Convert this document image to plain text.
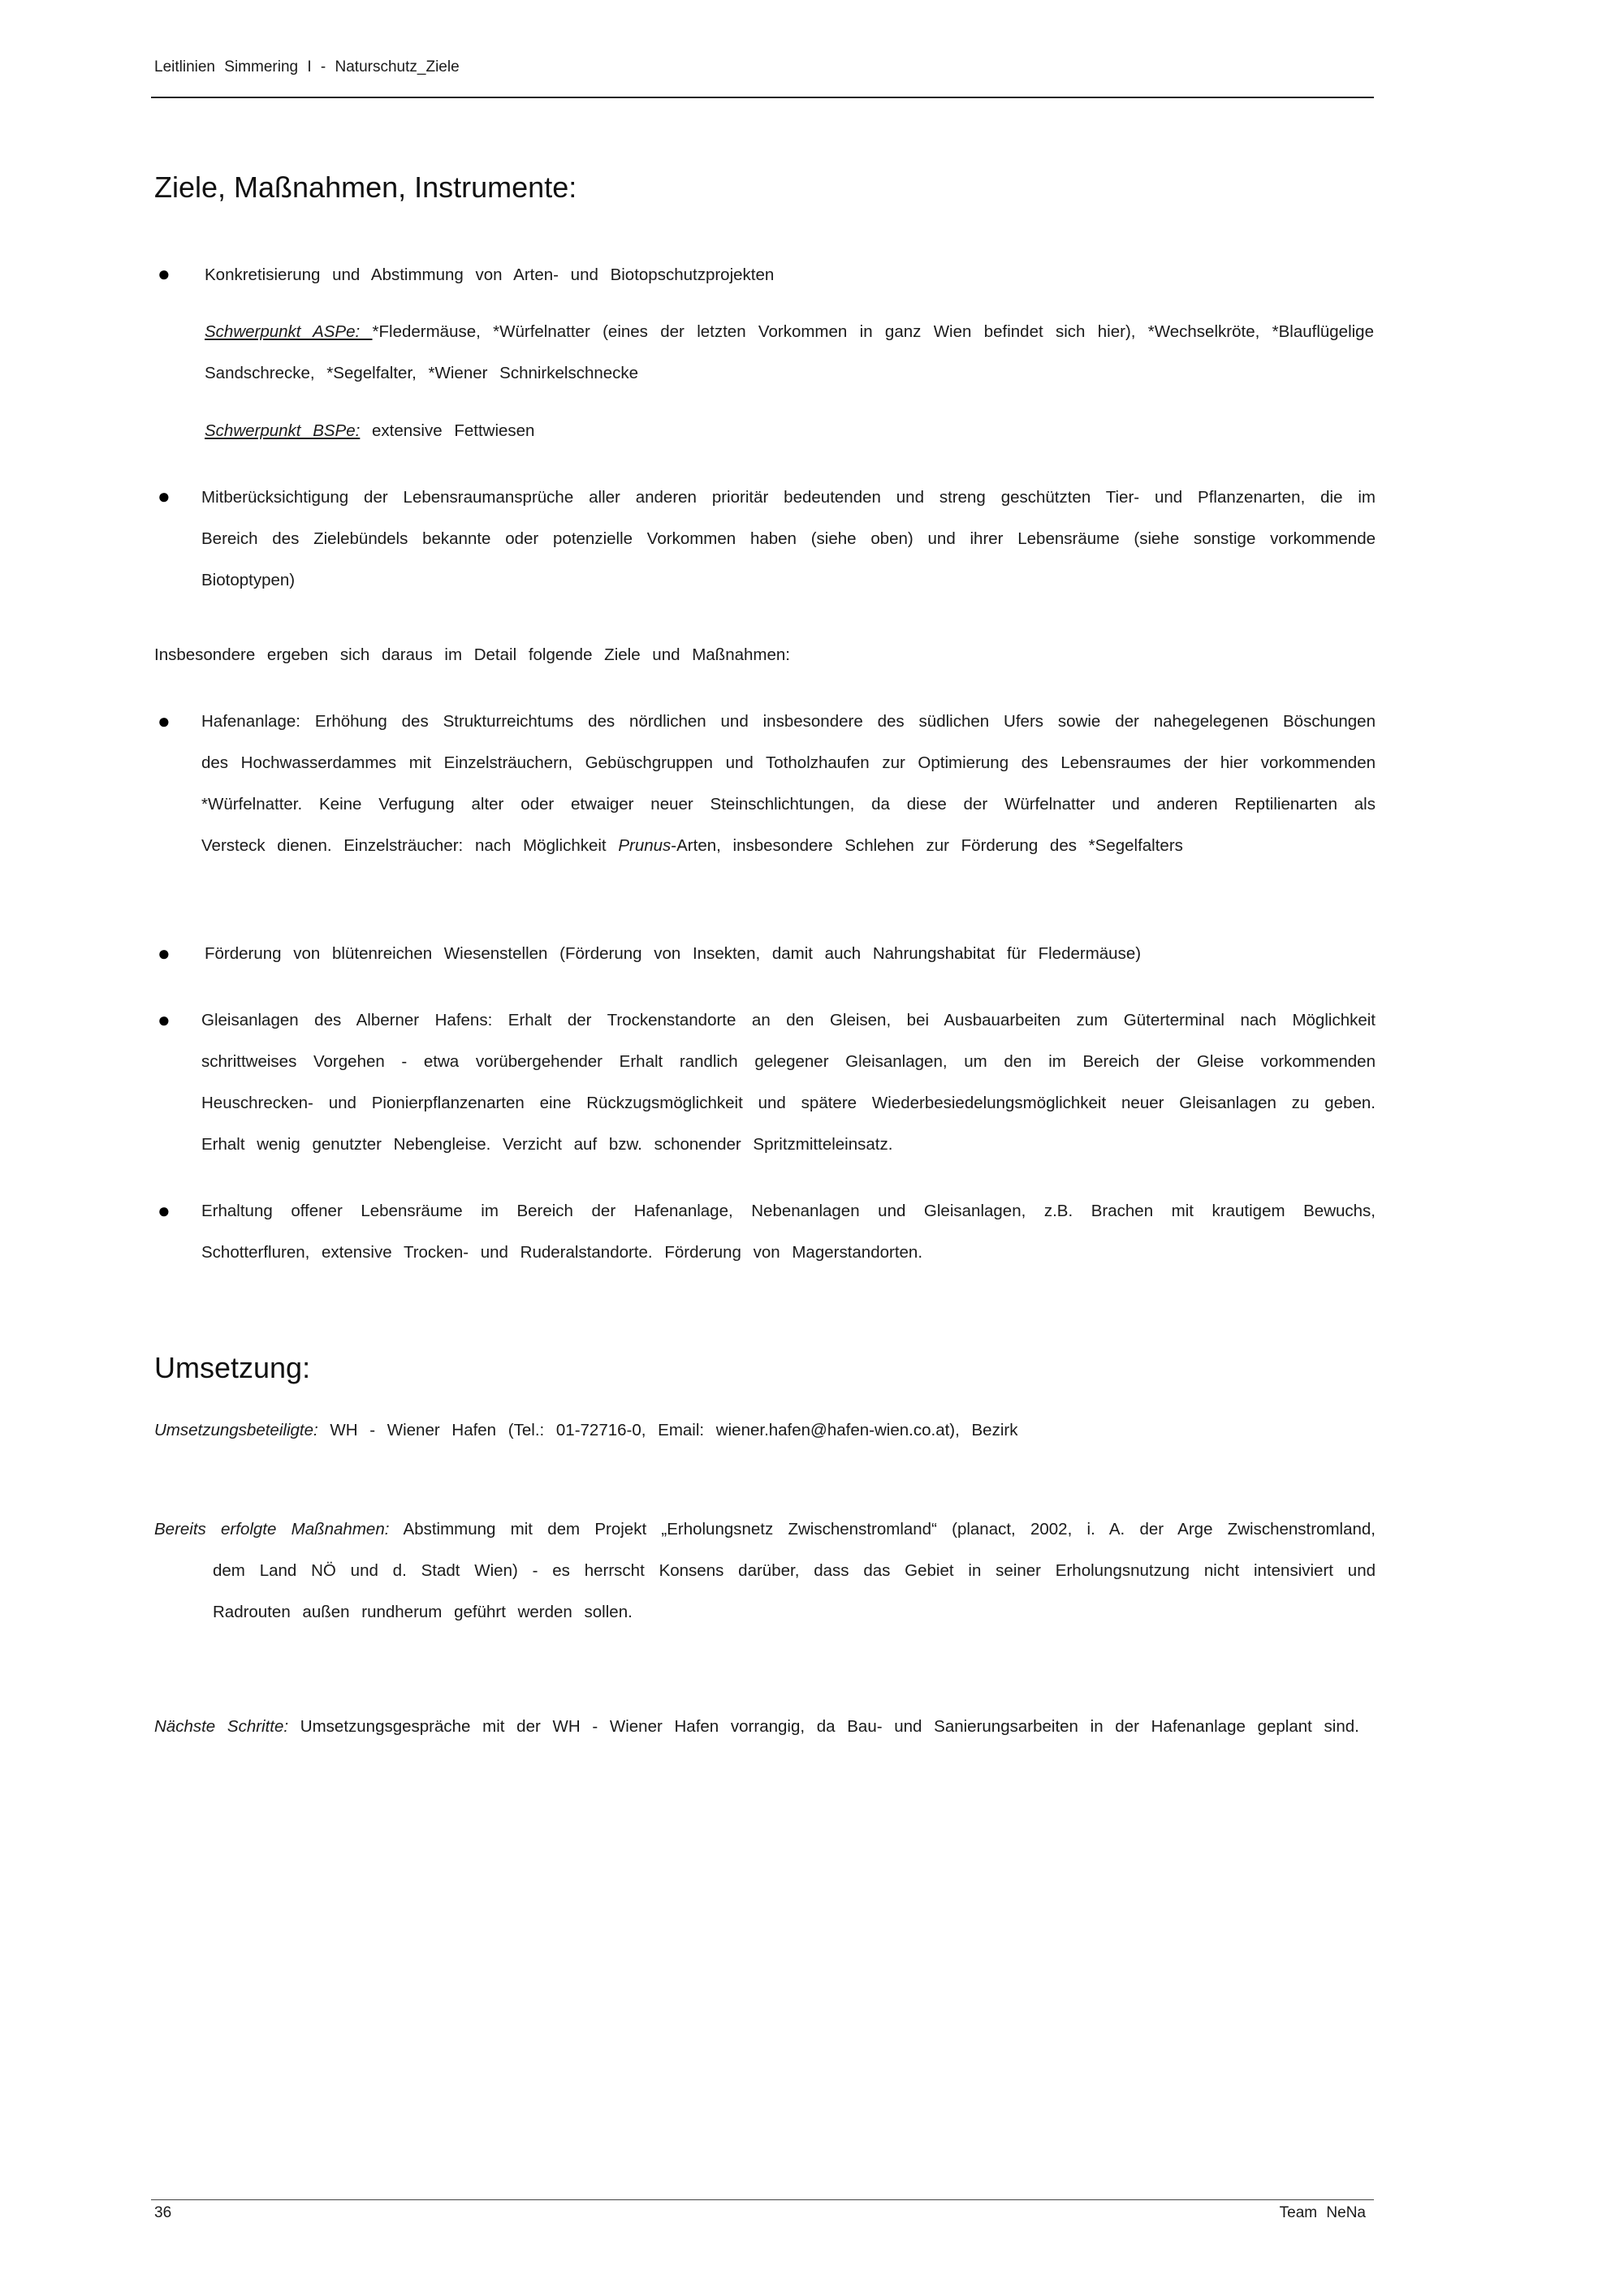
Leitlinien Simmering I - Naturschutz_Ziele
Ziele, Maßnahmen, Instrumente:
● Konkretisierung und Abstimmung von Arten- und Biotopschutzprojekten

Schwerpunkt ASPe: *Fledermäuse, *Würfelnatter (eines der letzten Vorkommen in ganz Wien befindet sich hier), *Wechselkröte, *Blauflügelige Sandschrecke, *Segelfalter, *Wiener Schnirkelschnecke

Schwerpunkt BSPe: extensive Fettwiesen

● Mitberücksichtigung der Lebensraumansprüche aller anderen prioritär bedeutenden und streng geschützten Tier- und Pflanzenarten, die im Bereich des Zielebündels bekannte oder potenzielle Vorkommen haben (siehe oben) und ihrer Lebensräume (siehe sonstige vorkommende Biotoptypen)

Insbesondere ergeben sich daraus im Detail folgende Ziele und Maßnahmen:

● Hafenanlage: Erhöhung des Strukturreichtums des nördlichen und insbesondere des südlichen Ufers sowie der nahegelegenen Böschungen des Hochwasserdammes mit Einzelsträuchern, Gebüschgruppen und Totholzhaufen zur Optimierung des Lebensraumes der hier vorkommenden *Würfelnatter. Keine Verfugung alter oder etwaiger neuer Steinschlichtungen, da diese der Würfelnatter und anderen Reptilienarten als Versteck dienen. Einzelsträucher: nach Möglichkeit Prunus-Arten, insbesondere Schlehen zur Förderung des *Segelfalters

● Förderung von blütenreichen Wiesenstellen (Förderung von Insekten, damit auch Nahrungshabitat für Fledermäuse)

● Gleisanlagen des Alberner Hafens: Erhalt der Trockenstandorte an den Gleisen, bei Ausbauarbeiten zum Güterterminal nach Möglichkeit schrittweises Vorgehen - etwa vorübergehender Erhalt randlich gelegener Gleisanlagen, um den im Bereich der Gleise vorkommenden Heuschrecken- und Pionierpflanzenarten eine Rückzugsmöglichkeit und spätere Wiederbesiedelungsmöglichkeit neuer Gleisanlagen zu geben. Erhalt wenig genutzter Nebengleise. Verzicht auf bzw. schonender Spritzmitteleinsatz.

● Erhaltung offener Lebensräume im Bereich der Hafenanlage, Nebenanlagen und Gleisanlagen, z.B. Brachen mit krautigem Bewuchs, Schotterfluren, extensive Trocken- und Ruderalstandorte. Förderung von Magerstandorten.

Umsetzung:

Umsetzungsbeteiligte: WH - Wiener Hafen (Tel.: 01-72716-0, Email: wiener.hafen@hafen-wien.co.at), Bezirk

Bereits erfolgte Maßnahmen: Abstimmung mit dem Projekt „Erholungsnetz Zwischenstromland“ (planact, 2002, i. A. der Arge Zwischenstromland, dem Land NÖ und d. Stadt Wien) - es herrscht Konsens darüber, dass das Gebiet in seiner Erholungsnutzung nicht intensiviert und Radrouten außen rundherum geführt werden sollen.

Nächste Schritte: Umsetzungsgespräche mit der WH - Wiener Hafen vorrangig, da Bau- und Sanierungsarbeiten in der Hafenanlage geplant sind.

36	Team NeNa
